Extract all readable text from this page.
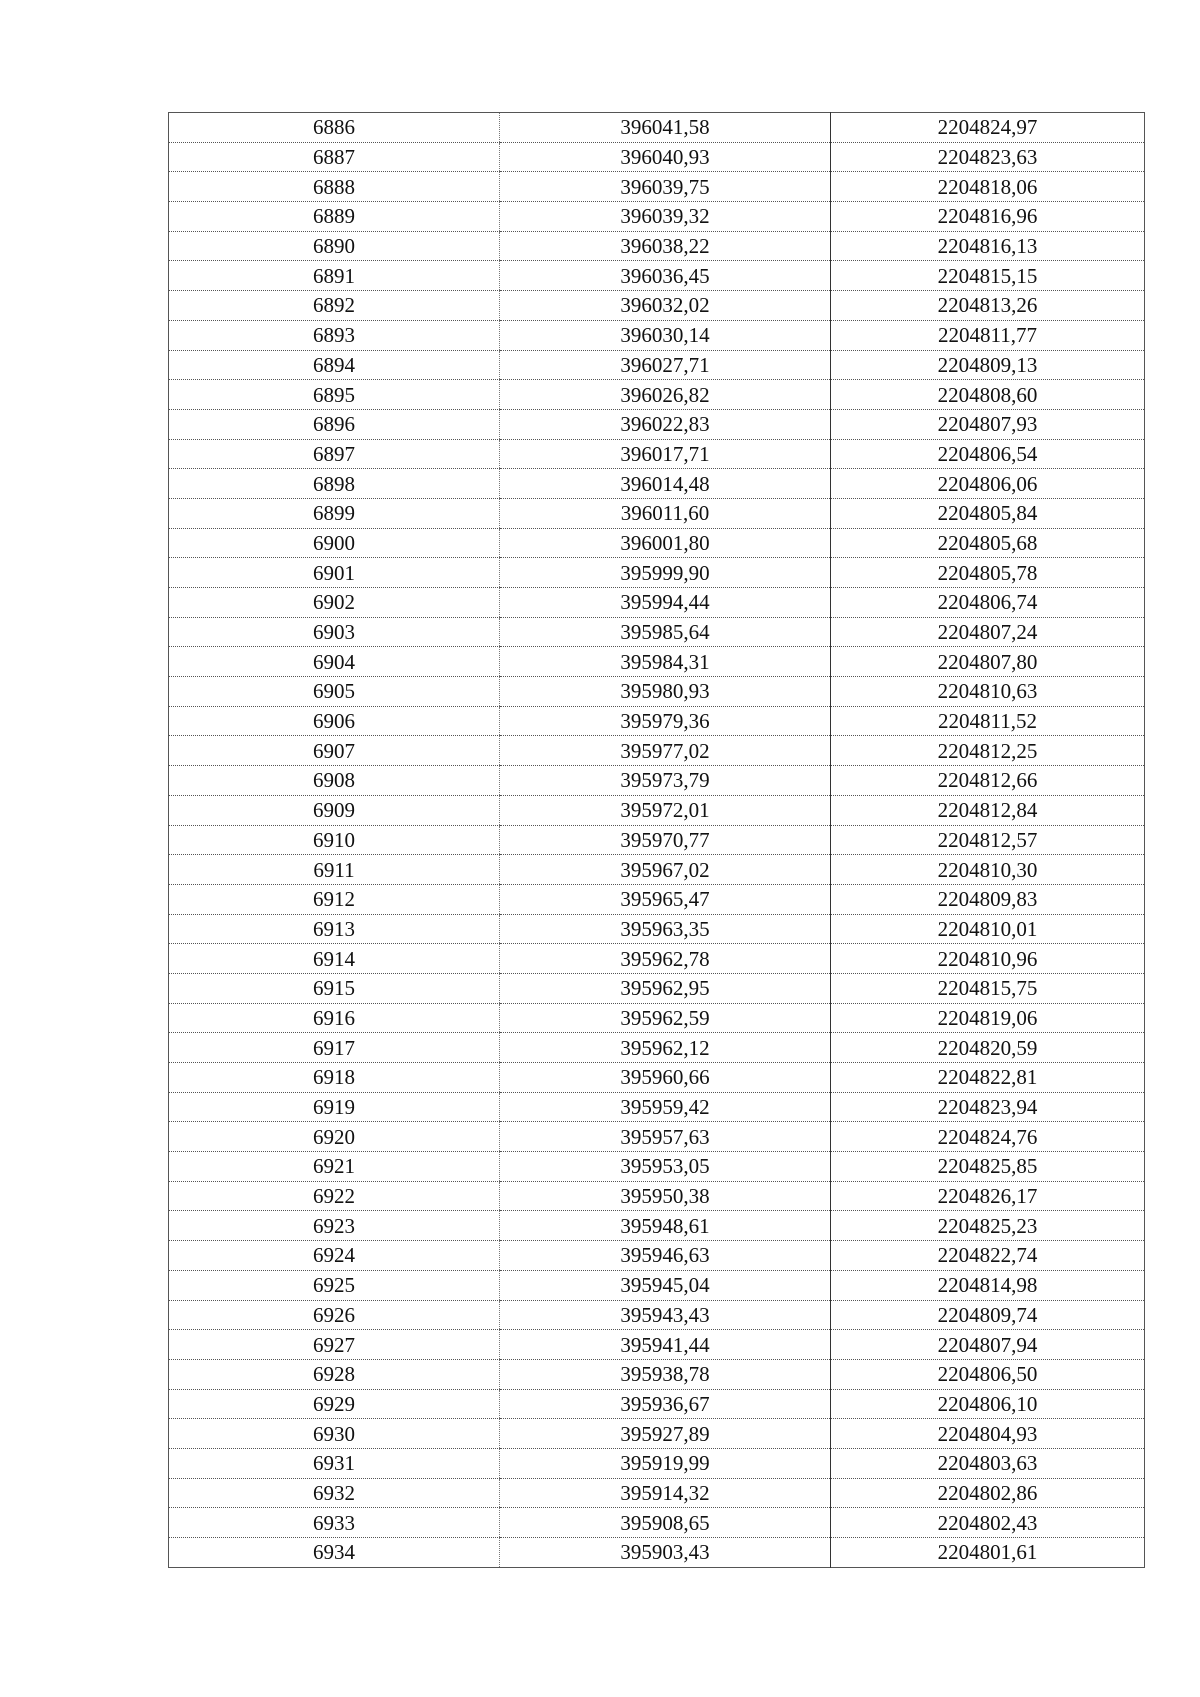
6886	396041,58	2204824,97
6887	396040,93	2204823,63
6888	396039,75	2204818,06
6889	396039,32	2204816,96
6890	396038,22	2204816,13
6891	396036,45	2204815,15
6892	396032,02	2204813,26
6893	396030,14	2204811,77
6894	396027,71	2204809,13
6895	396026,82	2204808,60
6896	396022,83	2204807,93
6897	396017,71	2204806,54
6898	396014,48	2204806,06
6899	396011,60	2204805,84
6900	396001,80	2204805,68
6901	395999,90	2204805,78
6902	395994,44	2204806,74
6903	395985,64	2204807,24
6904	395984,31	2204807,80
6905	395980,93	2204810,63
6906	395979,36	2204811,52
6907	395977,02	2204812,25
6908	395973,79	2204812,66
6909	395972,01	2204812,84
6910	395970,77	2204812,57
6911	395967,02	2204810,30
6912	395965,47	2204809,83
6913	395963,35	2204810,01
6914	395962,78	2204810,96
6915	395962,95	2204815,75
6916	395962,59	2204819,06
6917	395962,12	2204820,59
6918	395960,66	2204822,81
6919	395959,42	2204823,94
6920	395957,63	2204824,76
6921	395953,05	2204825,85
6922	395950,38	2204826,17
6923	395948,61	2204825,23
6924	395946,63	2204822,74
6925	395945,04	2204814,98
6926	395943,43	2204809,74
6927	395941,44	2204807,94
6928	395938,78	2204806,50
6929	395936,67	2204806,10
6930	395927,89	2204804,93
6931	395919,99	2204803,63
6932	395914,32	2204802,86
6933	395908,65	2204802,43
6934	395903,43	2204801,61
